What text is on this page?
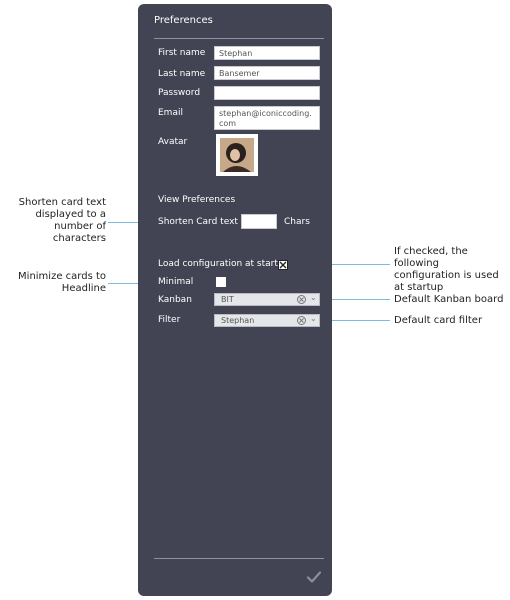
Shorten card text displayed to a number of characters
Minimize cards to Headline
If checked, the following configuration is used at startup
Default Kanban board
Default card filter
Preferences
First name	Stephan
Last name	Bansemer
Password
Email	stephan@iconiccoding.com
Avatar
View Preferences
Shorten Card text	Chars
Load configuration at start
Minimal
Kanban	BIT	⌄
Filter	Stephan	⌄
